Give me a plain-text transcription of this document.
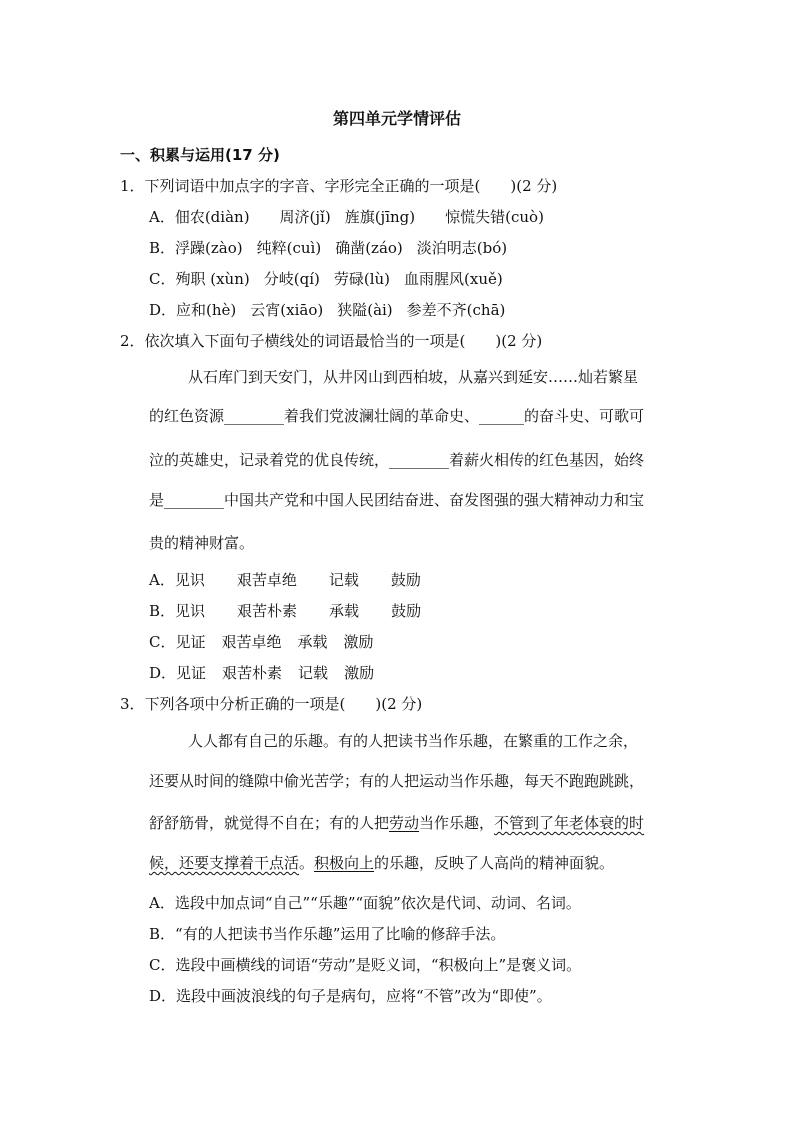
第四单元学情评估
一、积累与运用(17 分)
1．下列词语中加点字的字音、字形完全正确的一项是(　　)(2 分)
A．佃农(diàn) 周济(jǐ) 旌旗(jīng) 惊慌失错(cuò)
B．浮躁(zào) 纯粹(cuì) 确凿(záo) 淡泊明志(bó)
C．殉职 (xùn) 分岐(qí) 劳碌(lù) 血雨腥风(xuě)
D．应和(hè) 云宵(xiāo) 狭隘(ài) 参差不齐(chā)
2．依次填入下面句子横线处的词语最恰当的一项是(　　)(2 分)
从石库门到天安门，从井冈山到西柏坡，从嘉兴到延安……灿若繁星
的红色资源________着我们党波澜壮阔的革命史、______的奋斗史、可歌可
泣的英雄史，记录着党的优良传统，________着薪火相传的红色基因，始终
是________中国共产党和中国人民团结奋进、奋发图强的强大精神动力和宝
贵的精神财富。
A．见识 艰苦卓绝 记载 鼓励
B．见识 艰苦朴素 承载 鼓励
C．见证 艰苦卓绝 承载 激励
D．见证 艰苦朴素 记载 激励
3．下列各项中分析正确的一项是(　　)(2 分)
人人都有自己的乐趣。有的人把读书当作乐趣，在繁重的工作之余，
还要从时间的缝隙中偷光苦学；有的人把运动当作乐趣，每天不跑跑跳跳，
舒舒筋骨，就觉得不自在；有的人把劳动当作乐趣，不管到了年老体衰的时
候，还要支撑着干点活。积极向上的乐趣，反映了人高尚的精神面貌。
A．选段中加点词“自己”“乐趣”“面貌”依次是代词、动词、名词。
B．“有的人把读书当作乐趣”运用了比喻的修辞手法。
C．选段中画横线的词语“劳动”是贬义词，“积极向上”是褒义词。
D．选段中画波浪线的句子是病句，应将“不管”改为“即使”。
